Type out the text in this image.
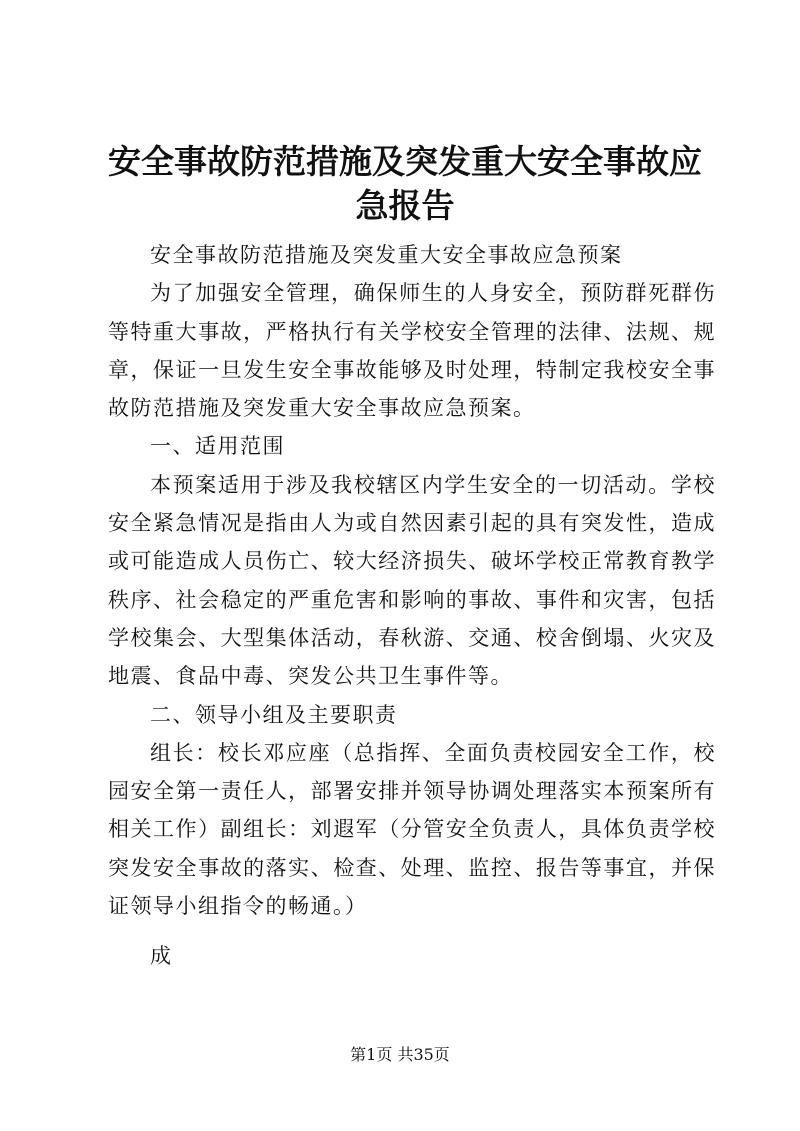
安全事故防范措施及突发重大安全事故应急报告

安全事故防范措施及突发重大安全事故应急预案

为了加强安全管理，确保师生的人身安全，预防群死群伤等特重大事故，严格执行有关学校安全管理的法律、法规、规章，保证一旦发生安全事故能够及时处理，特制定我校安全事故防范措施及突发重大安全事故应急预案。

一、适用范围

本预案适用于涉及我校辖区内学生安全的一切活动。学校安全紧急情况是指由人为或自然因素引起的具有突发性，造成或可能造成人员伤亡、较大经济损失、破坏学校正常教育教学秩序、社会稳定的严重危害和影响的事故、事件和灾害，包括学校集会、大型集体活动，春秋游、交通、校舍倒塌、火灾及地震、食品中毒、突发公共卫生事件等。

二、领导小组及主要职责

组长：校长邓应座（总指挥、全面负责校园安全工作，校园安全第一责任人，部署安排并领导协调处理落实本预案所有相关工作）副组长：刘遐军（分管安全负责人，具体负责学校突发安全事故的落实、检查、处理、监控、报告等事宜，并保证领导小组指令的畅通。）

成

第1页 共35页
